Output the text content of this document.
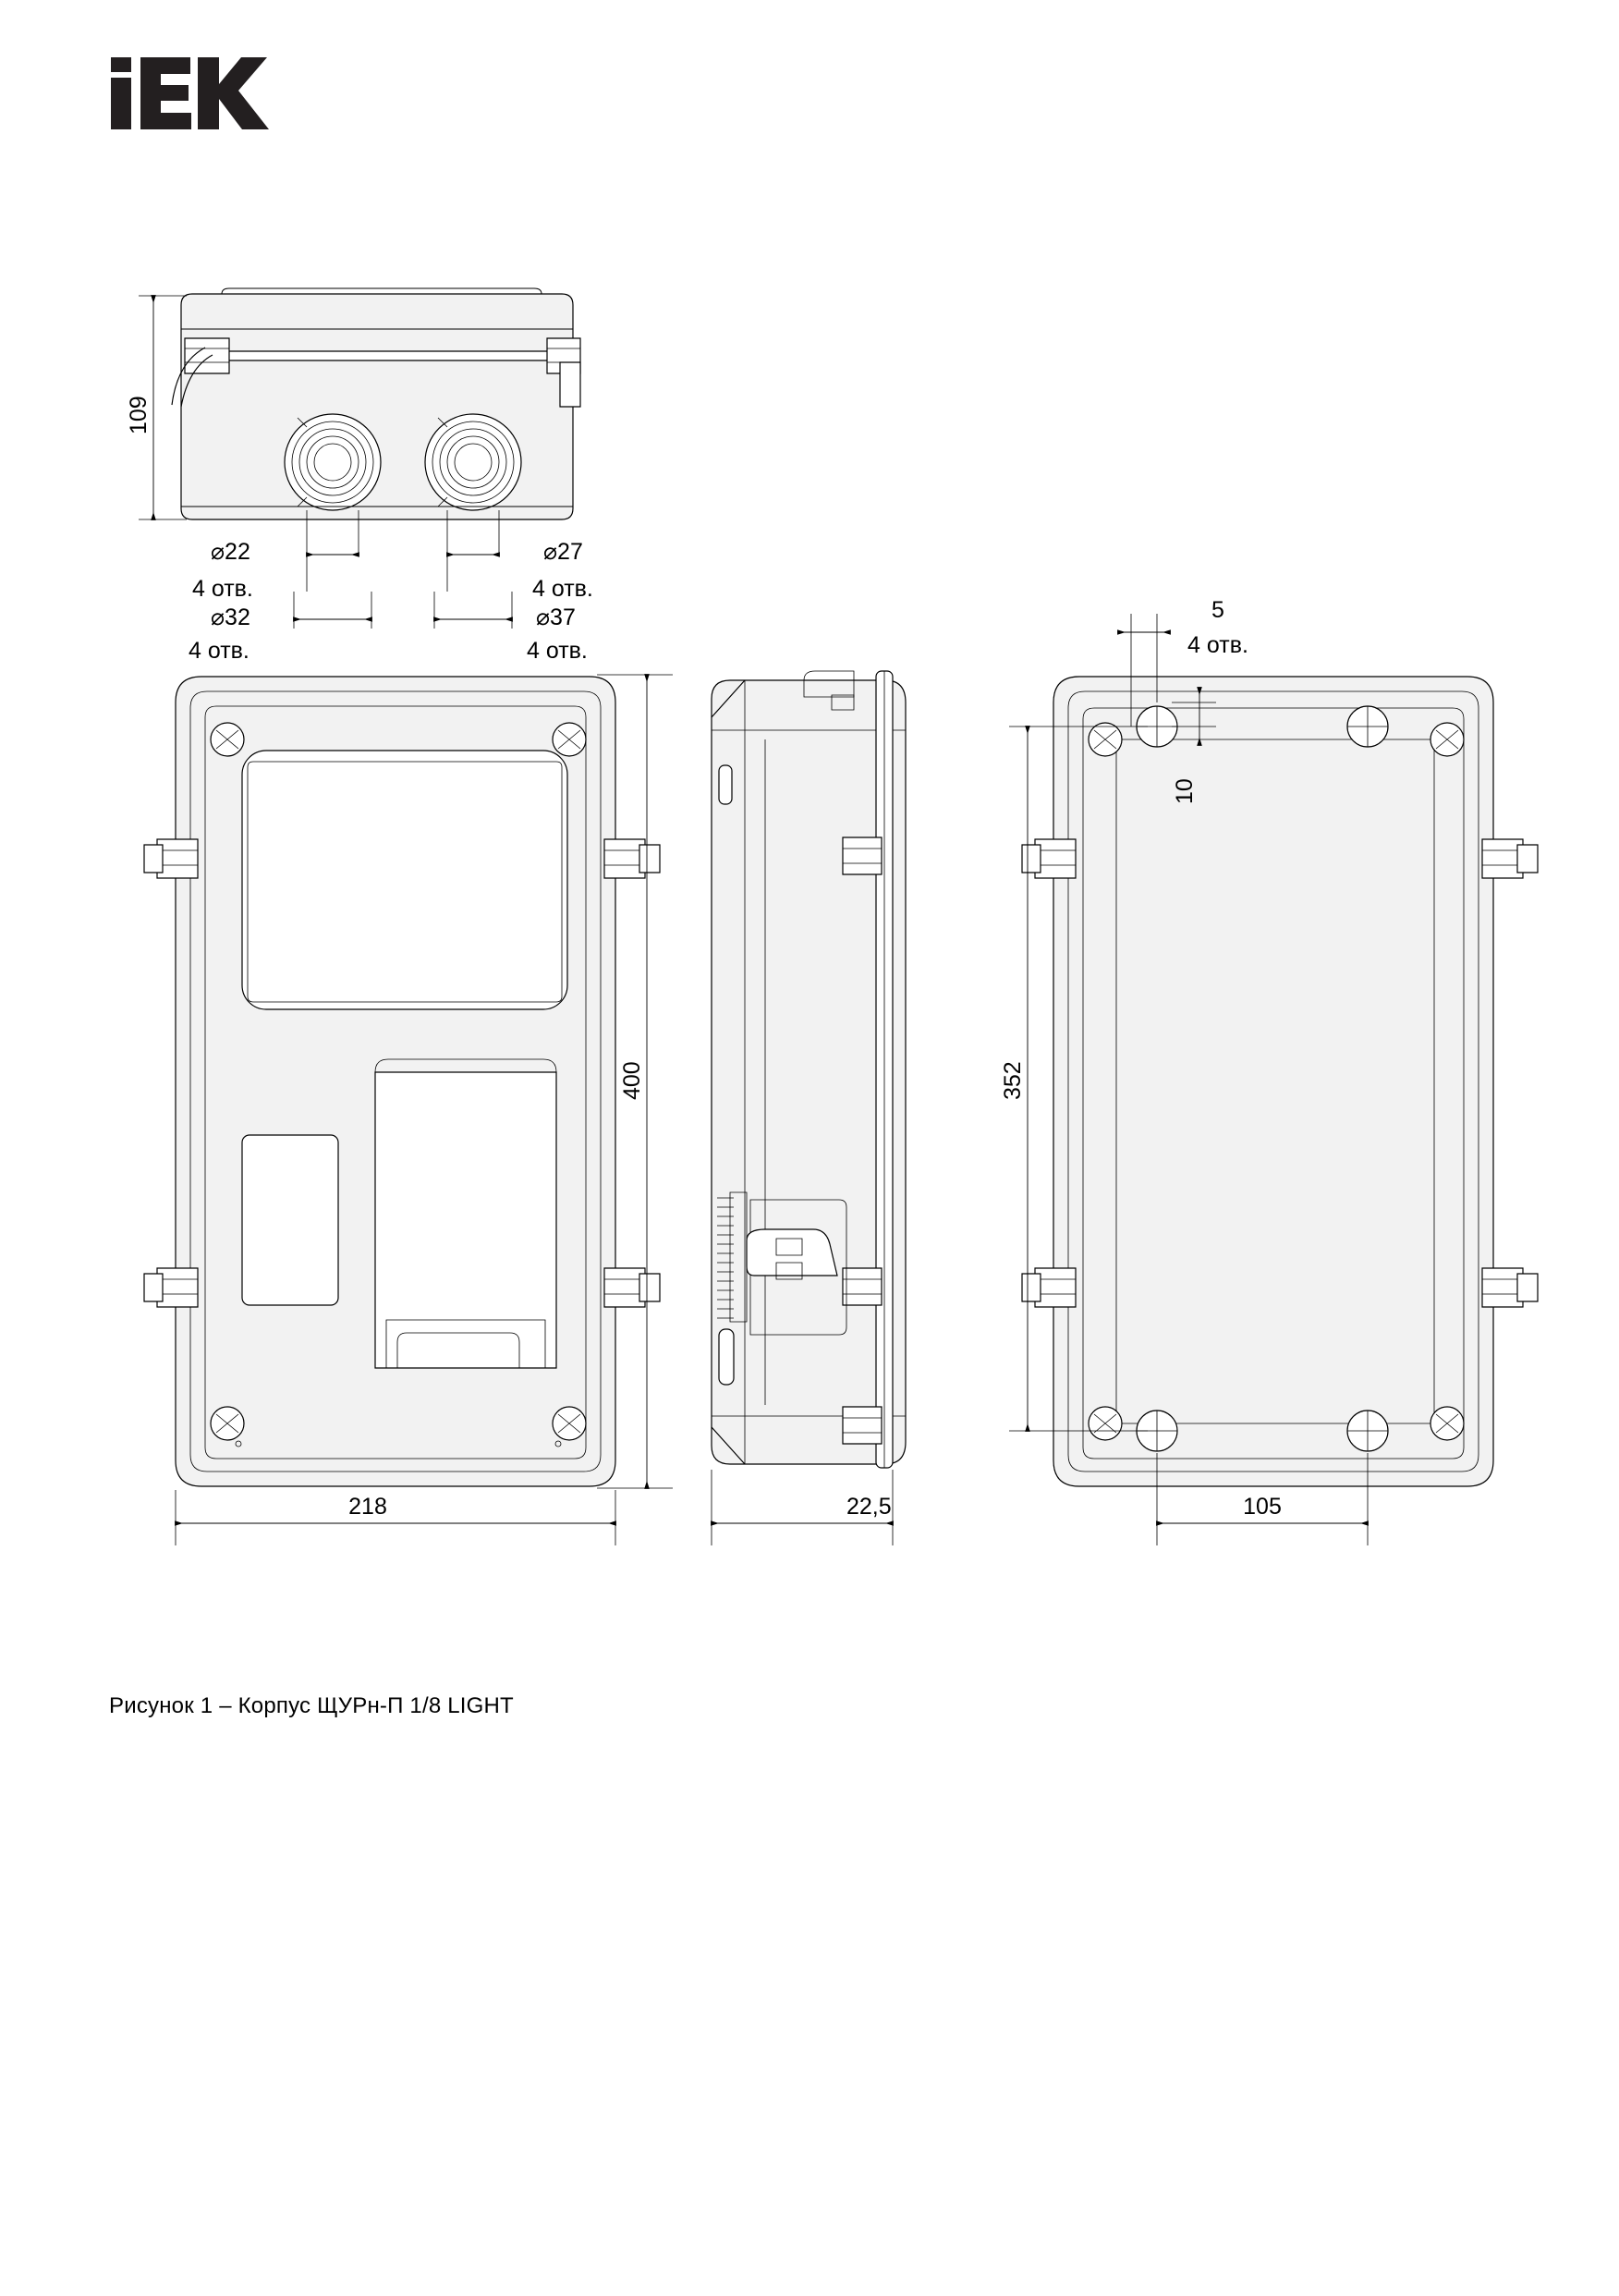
109
⌀22
4 отв.
⌀32
4 отв.
⌀27
4 отв.
⌀37
4 отв.
400
218	22,5
5
4 отв.
10
352
105
Рисунок 1 – Корпус ЩУРн-П 1/8 LIGHT
